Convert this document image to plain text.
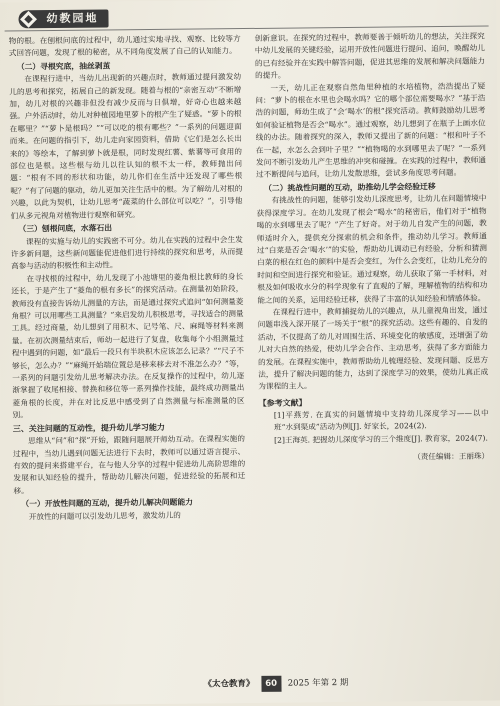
幼教园地

物的根。在刨根问底的过程中，幼儿通过实地寻找、观察、比较等方式回答问题，发现了根的秘密，从不同角度发展了自己的认知能力。

（二）寻根究底，抽丝剥茧

在课程行进中，当幼儿出现新的兴趣点时，教师通过提问激发幼儿的思考和探究，拓展自己的新发现。随着与根的“亲密互动”不断增加，幼儿对根的兴趣非但没有减少反而与日俱增，好奇心也越来越强。户外活动时，幼儿对种植园地里萝卜的根产生了疑惑。“萝卜的根在哪里？”“萝卜是根吗？”“可以吃的根有哪些？”一系列的问题迎面而来。在问题的指引下，幼儿走向家园资料，借助《它们是怎么长出来的》等绘本，了解到萝卜就是根，同时发现红薯、紫薯等可食用的部位也是根。这些根与幼儿以往认知的根不太一样，教师抛出问题：“根有不同的形状和功能，幼儿你们在生活中还发现了哪些根呢？”有了问题的驱动，幼儿更加关注生活中的根。为了解幼儿对根的兴趣，以此为契机，让幼儿思考“蔬菜的什么部位可以吃？”，引导他们从多元视角对植物进行观察和研究。

（三）刨根问底，水落石出

课程的实施与幼儿的实践密不可分。幼儿在实践的过程中会生发许多新问题，这些新问题能促进他们进行持续的探究和思考，从而提高参与活动的积极性和主动性。

在寻找根的过程中，幼儿发现了小池塘里的菱角根比教师的身长还长，于是产生了“菱角的根有多长”的探究活动。在测量初始阶段，教师没有直接告诉幼儿测量的方法，而是通过探究式追问“如何测量菱角根？可以用哪些工具测量？”来启发幼儿积极思考，寻找适合的测量工具。经过商量，幼儿想到了用积木、记号笔、尺、麻绳等材料来测量。在初次测量结束后，师幼一起进行了复盘，收集每个小组测量过程中遇到的问题，如“最后一段只有半块积木应该怎么记录？”“尺子不够长，怎么办？”“麻绳开始端位置总是移来移去对不准怎么办？”等，一系列的问题引发幼儿思考解决办法。在反复操作的过程中，幼儿逐渐掌握了收尾相接、替换和移位等一系列操作技能，最终成功测量出菱角根的长度，并在对比反思中感受到了自然测量与标准测量的区别。

三、关注问题的互动性，提升幼儿学习能力

思维从“问”和“探”开始，跟随问题展开师幼互动。在课程实施的过程中，当幼儿遇到问题无法进行下去时，教师可以通过语言提示、有效的提问来搭建平台，在与他人分享的过程中促进幼儿高阶思维的发展和认知经验的提升，帮助幼儿解决问题，促进经验的拓展和迁移。

（一）开放性问题的互动，提升幼儿解决问题能力

开放性的问题可以引发幼儿思考，激发幼儿的

创新意识。在探究的过程中，教师要善于倾听幼儿的想法，关注探究中幼儿发展的关键经验，运用开放性问题进行提问、追问，唤醒幼儿的已有经验并在实践中解答问题，促进其思维的发展和解决问题能力的提升。

一天，幼儿正在观察自然角里种植的水培植物，浩浩提出了疑问：“萝卜的根在水里也会喝水吗？它的哪个部位需要喝水？”基于浩浩的问题，师幼生成了“会‘喝水’的根”探究活动。教师鼓励幼儿思考如何验证植物是否会“喝水”。通过观察，幼儿想到了在瓶子上画水位线的办法。随着探究的深入，教师又提出了新的问题：“根和叶子不在一起，水怎么会到叶子里？”“植物喝的水到哪里去了呢？”一系列发问不断引发幼儿产生思维的冲突和碰撞。在实践的过程中，教师通过不断提问与追问，让幼儿发散思维，尝试多角度思考问题。

（二）挑战性问题的互动，助推幼儿学会经验迁移

有挑战性的问题，能够引发幼儿深度思考，让幼儿在问题情境中获得深度学习。在幼儿发现了根会“喝水”的秘密后，他们对于“植物喝的水到哪里去了呢？”产生了好奇。对于幼儿自发产生的问题，教师适时介入，提供充分探索的机会和条件，推动幼儿学习。教师通过“白菜是否会‘喝水’”的实验，帮助幼儿调动已有经验，分析和猜测白菜的根在红色的颜料中是否会变红，为什么会变红，让幼儿充分的时间和空间进行探究和验证。通过观察，幼儿获取了第一手材料，对根及如何吸收水分的科学现象有了直观的了解，理解植物的结构和功能之间的关系，运用经验迁移，获得了丰富的认知经验和情感体验。

在课程行进中，教师捕捉幼儿的兴趣点，从儿童视角出发，通过问题串浅入深开展了一场关于“根”的探究活动。这些有趣的、自发的活动，不仅提高了幼儿对周围生活、环境变化的敏感度，还增强了幼儿对大自然的热爱，使幼儿学会合作、主动思考，获得了多方面能力的发展。在课程实施中，教师帮助幼儿梳理经验、发现问题、反思方法，提升了解决问题的能力，达到了深度学习的效果，使幼儿真正成为课程的主人。

【参考文献】

[1]平燕芳. 在真实的问题情境中支持幼儿深度学习——以中班“水到渠成”活动为例[J]. 好家长，2024(2).

[2]王海英. 把握幼儿深度学习的三个维度[J]. 教育家，2024(7).

（责任编辑：王丽珠）
《太仓教育》 60 2025 年第 2 期
